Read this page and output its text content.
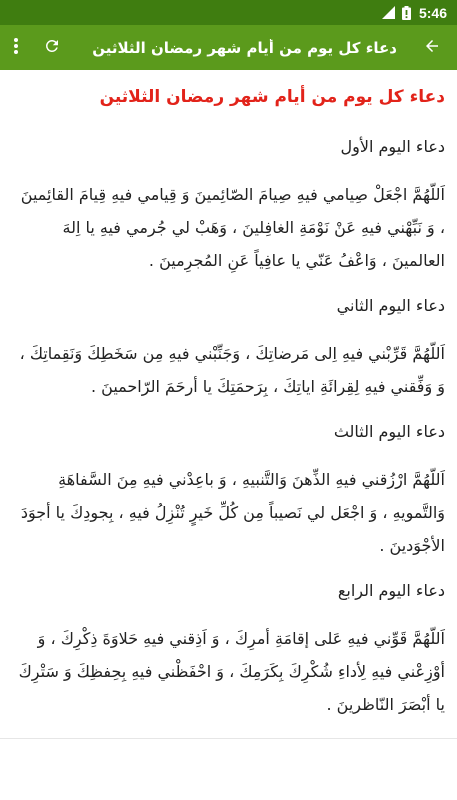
5:46
دعاء كل يوم من أيام شهر رمضان الثلاثين
دعاء كل يوم من أيام شهر رمضان الثلاثين
دعاء اليوم الأول
اَللّهُمَّ اجْعَلْ صِيامي فيهِ صِيامَ الصّائِمينَ وَ قِيامي فيهِ قِيامَ القائِمينَ ، وَ نَبِّهْني فيهِ عَنْ نَوْمَةِ الغافِلينَ ، وَهَبْ لي جُرمي فيهِ يا اِلهَ العالمينَ ، وَاعْفُ عَنّي يا عافِياً عَنِ المُجرِمينَ .
دعاء اليوم الثاني
اَللّهُمَّ قَرِّبْني فيهِ اِلى مَرضاتِكَ ، وَجَنِّبْني فيهِ مِن سَخَطِكَ وَنَقِماتِكَ ، وَ وَفِّقني فيهِ لِقِرائَةِ اياتِكَ ، بِرَحمَتِكَ يا أرحَمَ الرّاحمينَ .
دعاء اليوم الثالث
اَللّهُمَّ ارْزُقني فيهِ الذِّهنَ وَالتَّنبيهِ ، وَ باعِدْني فيهِ مِنَ السَّفاهَةِ وَالتَّمويهِ ، وَ اجْعَل لي نَصيباً مِن كُلِّ خَيرٍ تُنْزِلُ فيهِ ، بِجودِكَ يا أجوَدَ الأجْوَدينَ .
دعاء اليوم الرابع
اَللّهُمَّ قَوِّني فيهِ عَلى إقامَةِ أمرِكَ ، وَ اَذِقني فيهِ حَلاوَةَ ذِكْرِكَ ، وَ أوْزِعْني فيهِ لِأداءِ شُكْرِكَ بِكَرَمِكَ ، وَ احْفَظْني فيهِ بِحِفظِكَ وَ سَتْرِكَ يا أبْصَرَ النّاظرينَ .
